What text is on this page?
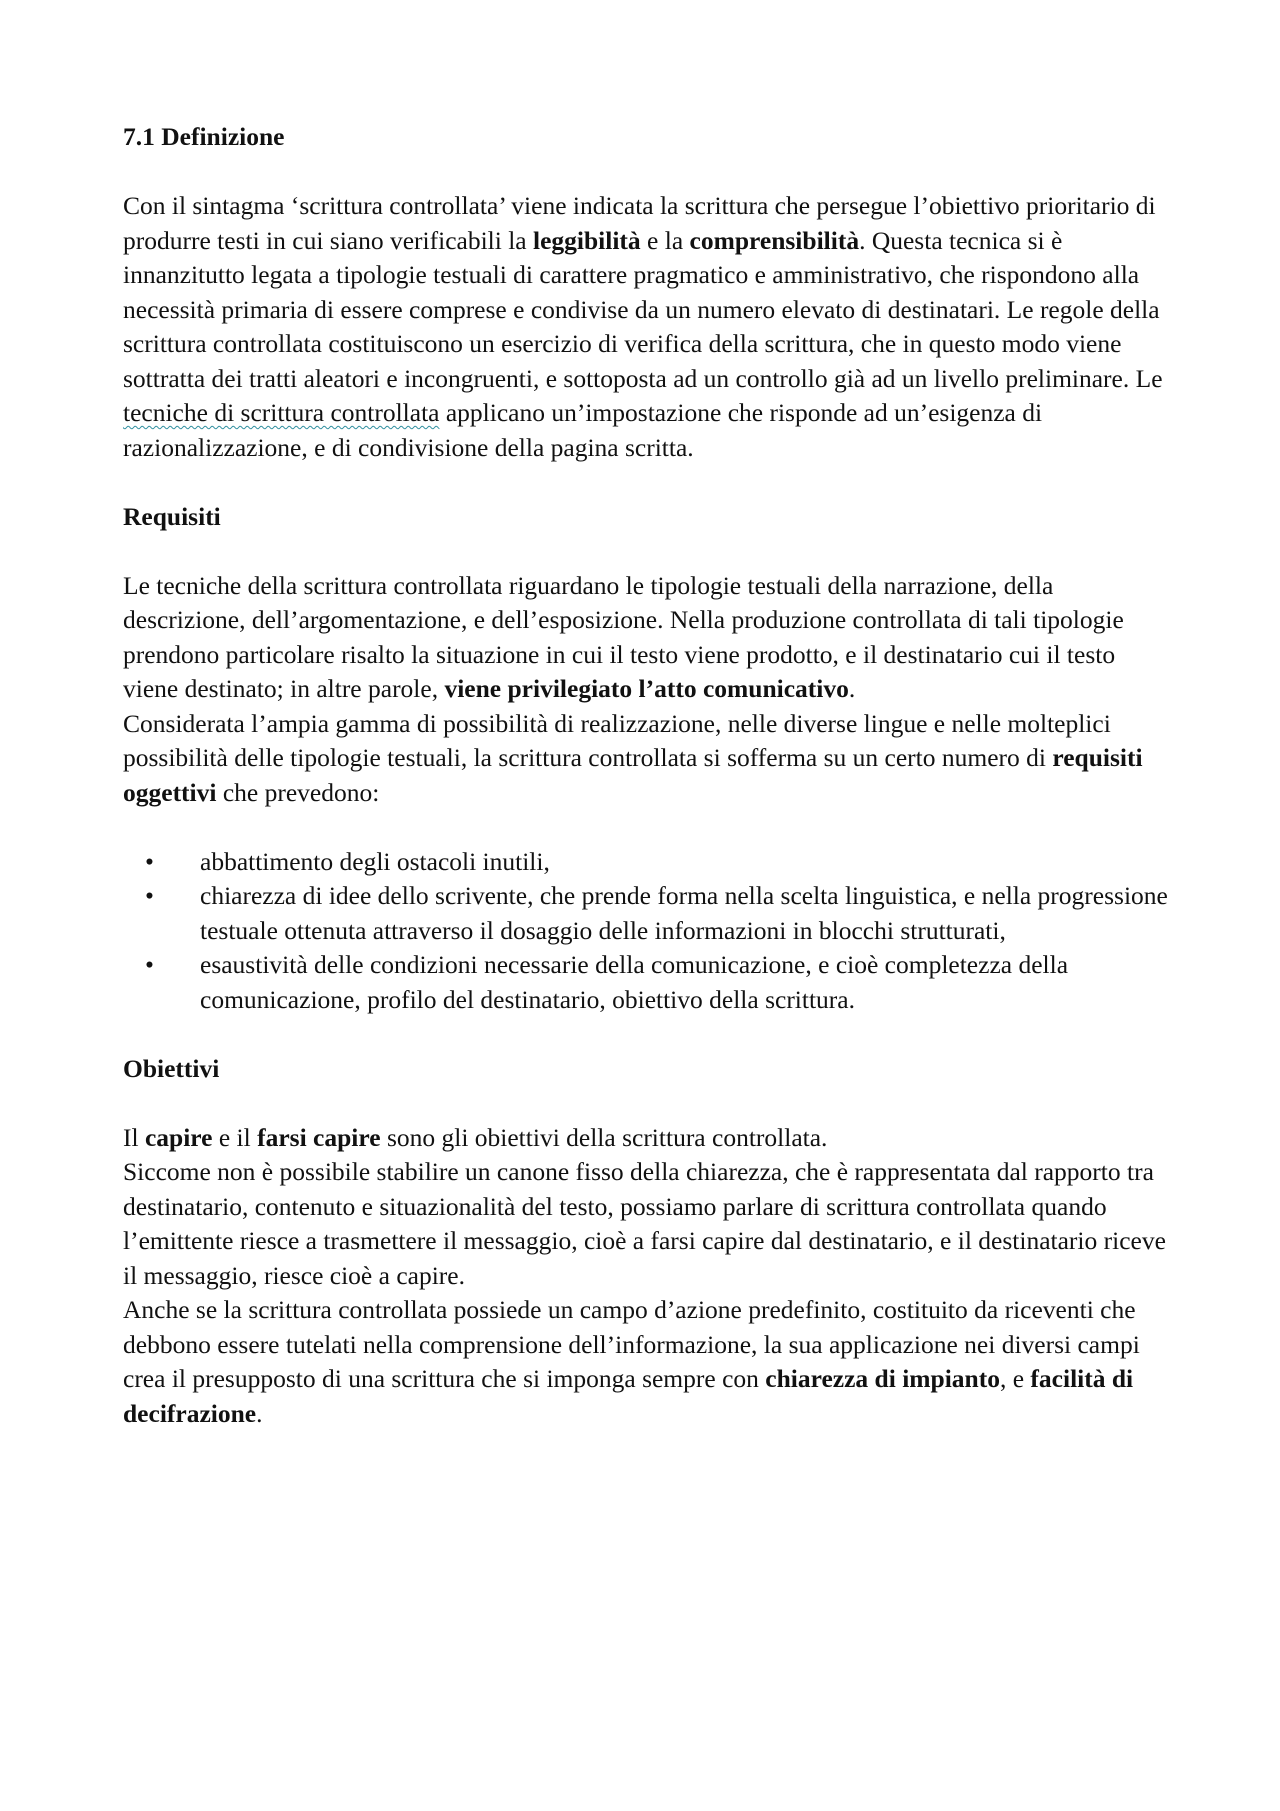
7.1 Definizione

Con il sintagma ‘scrittura controllata’ viene indicata la scrittura che persegue l’obiettivo prioritario di produrre testi in cui siano verificabili la leggibilità e la comprensibilità. Questa tecnica si è innanzitutto legata a tipologie testuali di carattere pragmatico e amministrativo, che rispondono alla necessità primaria di essere comprese e condivise da un numero elevato di destinatari. Le regole della scrittura controllata costituiscono un esercizio di verifica della scrittura, che in questo modo viene sottratta dei tratti aleatori e incongruenti, e sottoposta ad un controllo già ad un livello preliminare. Le tecniche di scrittura controllata applicano un’impostazione che risponde ad un’esigenza di razionalizzazione, e di condivisione della pagina scritta.

Requisiti

Le tecniche della scrittura controllata riguardano le tipologie testuali della narrazione, della descrizione, dell’argomentazione, e dell’esposizione. Nella produzione controllata di tali tipologie prendono particolare risalto la situazione in cui il testo viene prodotto, e il destinatario cui il testo viene destinato; in altre parole, viene privilegiato l’atto comunicativo.

Considerata l’ampia gamma di possibilità di realizzazione, nelle diverse lingue e nelle molteplici possibilità delle tipologie testuali, la scrittura controllata si sofferma su un certo numero di requisiti oggettivi che prevedono:

• abbattimento degli ostacoli inutili,
• chiarezza di idee dello scrivente, che prende forma nella scelta linguistica, e nella progressione testuale ottenuta attraverso il dosaggio delle informazioni in blocchi strutturati,
• esaustività delle condizioni necessarie della comunicazione, e cioè completezza della comunicazione, profilo del destinatario, obiettivo della scrittura.
Obiettivi

Il capire e il farsi capire sono gli obiettivi della scrittura controllata.

Siccome non è possibile stabilire un canone fisso della chiarezza, che è rappresentata dal rapporto tra destinatario, contenuto e situazionalità del testo, possiamo parlare di scrittura controllata quando l’emittente riesce a trasmettere il messaggio, cioè a farsi capire dal destinatario, e il destinatario riceve il messaggio, riesce cioè a capire.

Anche se la scrittura controllata possiede un campo d’azione predefinito, costituito da riceventi che debbono essere tutelati nella comprensione dell’informazione, la sua applicazione nei diversi campi crea il presupposto di una scrittura che si imponga sempre con chiarezza di impianto, e facilità di decifrazione.
